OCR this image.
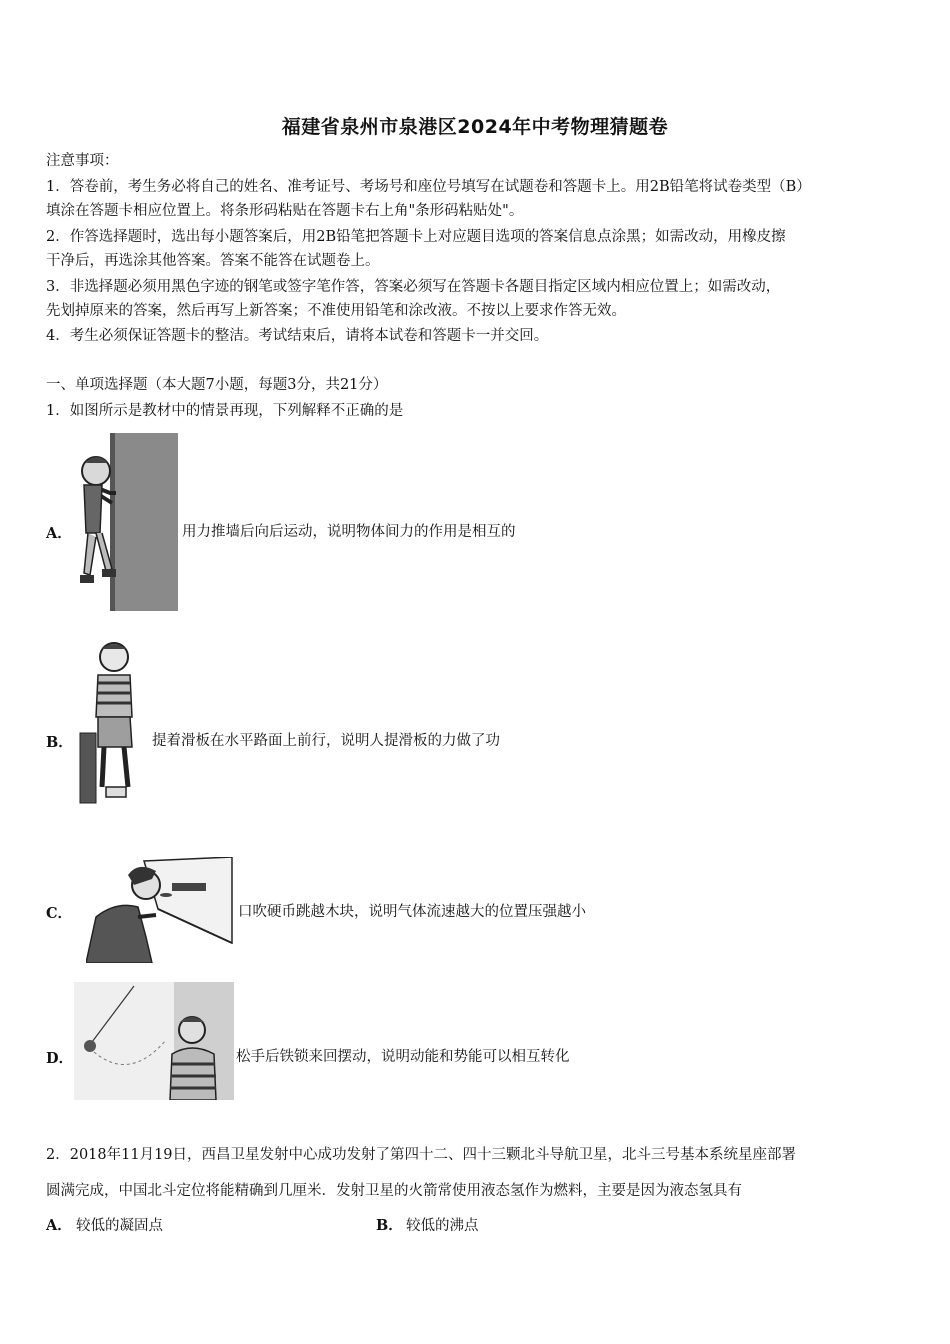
福建省泉州市泉港区2024年中考物理猜题卷
注意事项：
1．答卷前，考生务必将自己的姓名、准考证号、考场号和座位号填写在试题卷和答题卡上。用2B铅笔将试卷类型（B）
填涂在答题卡相应位置上。将条形码粘贴在答题卡右上角"条形码粘贴处"。
2．作答选择题时，选出每小题答案后，用2B铅笔把答题卡上对应题目选项的答案信息点涂黑；如需改动，用橡皮擦
干净后，再选涂其他答案。答案不能答在试题卷上。
3．非选择题必须用黑色字迹的钢笔或签字笔作答，答案必须写在答题卡各题目指定区域内相应位置上；如需改动，
先划掉原来的答案，然后再写上新答案；不准使用铅笔和涂改液。不按以上要求作答无效。
4．考生必须保证答题卡的整洁。考试结束后，请将本试卷和答题卡一并交回。
一、单项选择题（本大题7小题，每题3分，共21分）
1．如图所示是教材中的情景再现，下列解释不正确的是
A．	用力推墙后向后运动，说明物体间力的作用是相互的
B．	提着滑板在水平路面上前行，说明人提滑板的力做了功
C．	口吹硬币跳越木块，说明气体流速越大的位置压强越小
D．	松手后铁锁来回摆动，说明动能和势能可以相互转化
2．2018年11月19日，西昌卫星发射中心成功发射了第四十二、四十三颗北斗导航卫星，北斗三号基本系统星座部署
圆满完成，中国北斗定位将能精确到几厘米．发射卫星的火箭常使用液态氢作为燃料，主要是因为液态氢具有
A． 较低的凝固点	B． 较低的沸点
